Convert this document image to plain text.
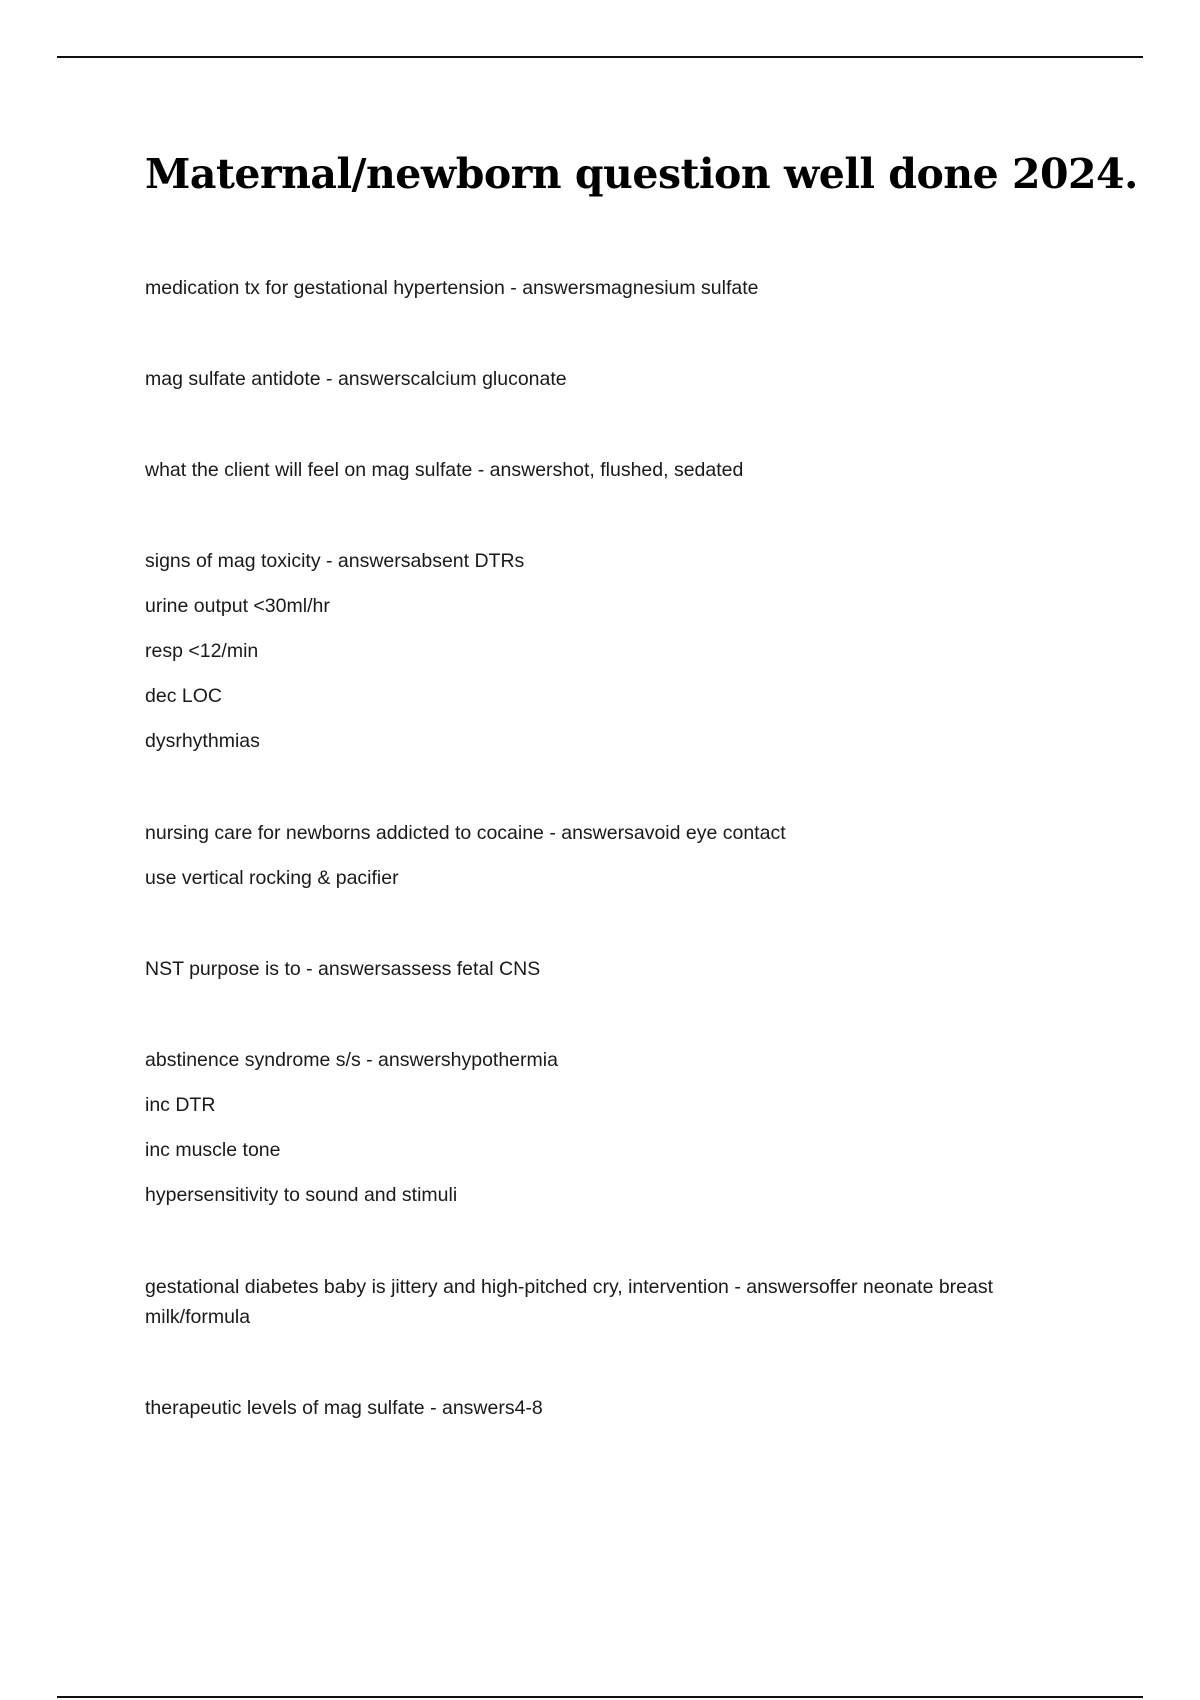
Maternal/newborn question well done 2024.

medication tx for gestational hypertension - answersmagnesium sulfate

mag sulfate antidote - answerscalcium gluconate

what the client will feel on mag sulfate - answershot, flushed, sedated

signs of mag toxicity - answersabsent DTRs

urine output <30ml/hr

resp <12/min

dec LOC

dysrhythmias

nursing care for newborns addicted to cocaine - answersavoid eye contact

use vertical rocking & pacifier

NST purpose is to - answersassess fetal CNS

abstinence syndrome s/s - answershypothermia

inc DTR

inc muscle tone

hypersensitivity to sound and stimuli

gestational diabetes baby is jittery and high-pitched cry, intervention - answersoffer neonate breast milk/formula

therapeutic levels of mag sulfate - answers4-8
